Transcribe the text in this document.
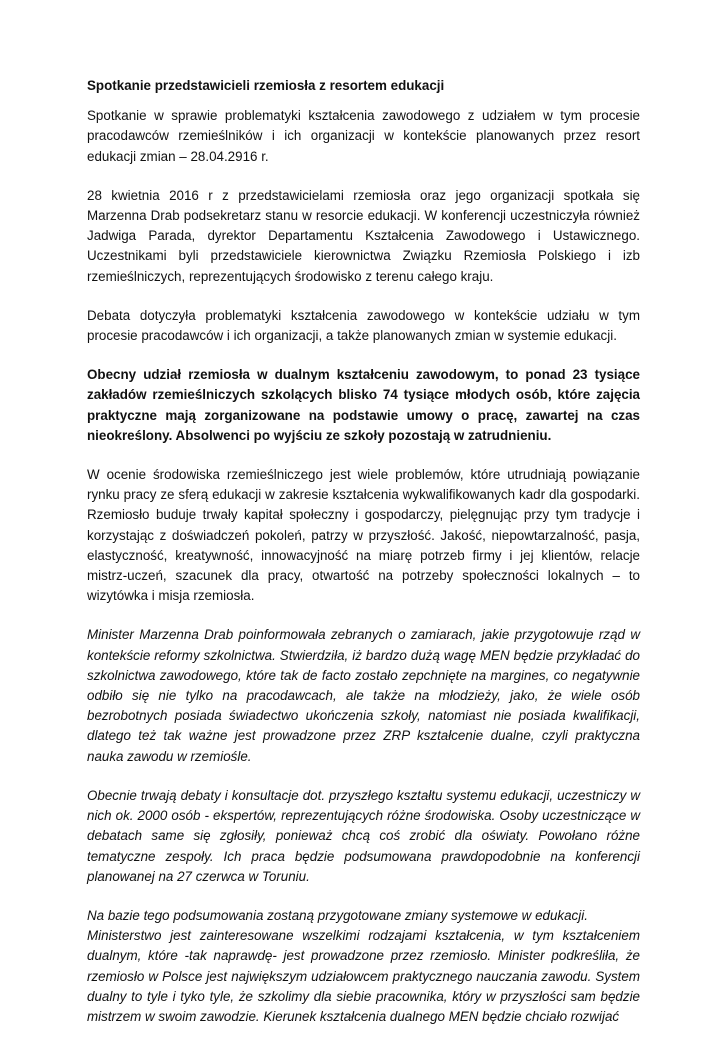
Spotkanie przedstawicieli rzemiosła z resortem edukacji

Spotkanie w sprawie problematyki kształcenia zawodowego z udziałem w tym procesie pracodawców rzemieślników i ich organizacji w kontekście planowanych przez resort edukacji zmian – 28.04.2916 r.

28 kwietnia 2016 r z przedstawicielami rzemiosła oraz jego organizacji spotkała się Marzenna Drab podsekretarz stanu w resorcie edukacji. W konferencji uczestniczyła również Jadwiga Parada, dyrektor Departamentu Kształcenia Zawodowego i Ustawicznego. Uczestnikami byli przedstawiciele kierownictwa Związku Rzemiosła Polskiego i izb rzemieślniczych, reprezentujących środowisko z terenu całego kraju.

Debata dotyczyła problematyki kształcenia zawodowego w kontekście udziału w tym procesie pracodawców i ich organizacji, a także planowanych zmian w systemie edukacji.

Obecny udział rzemiosła w dualnym kształceniu zawodowym, to ponad 23 tysiące zakładów rzemieślniczych szkolących blisko 74 tysiące młodych osób, które zajęcia praktyczne mają zorganizowane na podstawie umowy o pracę, zawartej na czas nieokreślony. Absolwenci po wyjściu ze szkoły pozostają w zatrudnieniu.

W ocenie środowiska rzemieślniczego jest wiele problemów, które utrudniają powiązanie rynku pracy ze sferą edukacji w zakresie kształcenia wykwalifikowanych kadr dla gospodarki. Rzemiosło buduje trwały kapitał społeczny i gospodarczy, pielęgnując przy tym tradycje i korzystając z doświadczeń pokoleń, patrzy w przyszłość. Jakość, niepowtarzalność, pasja, elastyczność, kreatywność, innowacyjność na miarę potrzeb firmy i jej klientów, relacje mistrz-uczeń, szacunek dla pracy, otwartość na potrzeby społeczności lokalnych – to wizytówka i misja rzemiosła.

Minister Marzenna Drab poinformowała zebranych o zamiarach, jakie przygotowuje rząd w kontekście reformy szkolnictwa. Stwierdziła, iż bardzo dużą wagę MEN będzie przykładać do szkolnictwa zawodowego, które tak de facto zostało zepchnięte na margines, co negatywnie odbiło się nie tylko na pracodawcach, ale także na młodzieży, jako, że wiele osób bezrobotnych posiada świadectwo ukończenia szkoły, natomiast nie posiada kwalifikacji, dlatego też tak ważne jest prowadzone przez ZRP kształcenie dualne, czyli praktyczna nauka zawodu w rzemiośle.

Obecnie trwają debaty i konsultacje dot. przyszłego kształtu systemu edukacji, uczestniczy w nich ok. 2000 osób - ekspertów, reprezentujących różne środowiska. Osoby uczestniczące w debatach same się zgłosiły, ponieważ chcą coś zrobić dla oświaty. Powołano różne tematyczne zespoły. Ich praca będzie podsumowana prawdopodobnie na konferencji planowanej na 27 czerwca w Toruniu.

Na bazie tego podsumowania zostaną przygotowane zmiany systemowe w edukacji.

Ministerstwo jest zainteresowane wszelkimi rodzajami kształcenia, w tym kształceniem dualnym, które -tak naprawdę- jest prowadzone przez rzemiosło. Minister podkreśliła, że rzemiosło w Polsce jest największym udziałowcem praktycznego nauczania zawodu. System dualny to tyle i tyko tyle, że szkolimy dla siebie pracownika, który w przyszłości sam będzie mistrzem w swoim zawodzie. Kierunek kształcenia dualnego MEN będzie chciało rozwijać
